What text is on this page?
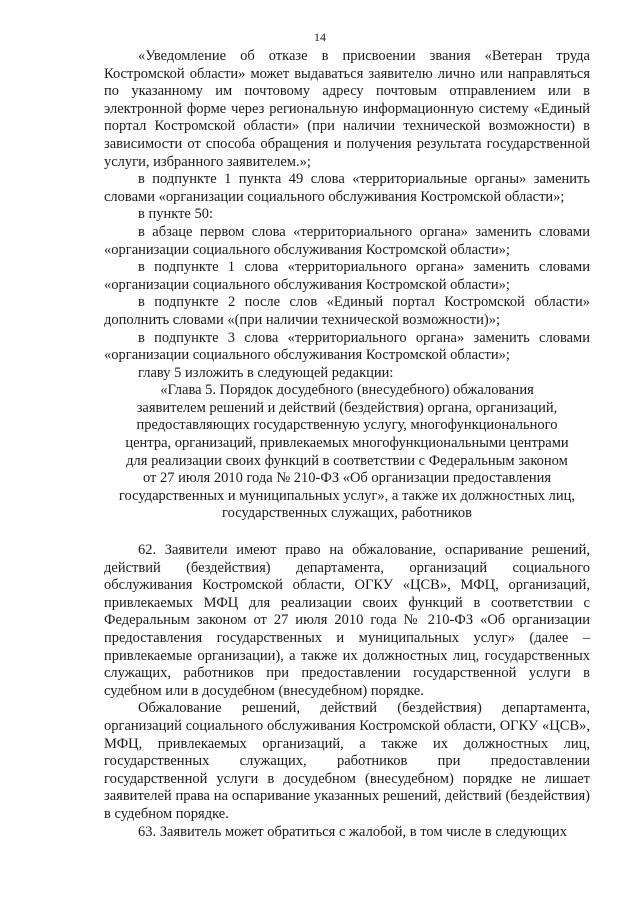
14

«Уведомление об отказе в присвоении звания «Ветеран труда Костромской области» может выдаваться заявителю лично или направляться по указанному им почтовому адресу почтовым отправлением или в электронной форме через региональную информационную систему «Единый портал Костромской области» (при наличии технической возможности) в зависимости от способа обращения и получения результата государственной услуги, избранного заявителем.»;

в подпункте 1 пункта 49 слова «территориальные органы» заменить словами «организации социального обслуживания Костромской области»;

в пункте 50:

в абзаце первом слова «территориального органа» заменить словами «организации социального обслуживания Костромской области»;

в подпункте 1 слова «территориального органа» заменить словами «организации социального обслуживания Костромской области»;

в подпункте 2 после слов «Единый портал Костромской области» дополнить словами «(при наличии технической возможности)»;

в подпункте 3 слова «территориального органа» заменить словами «организации социального обслуживания Костромской области»;

главу 5 изложить в следующей редакции:

«Глава 5. Порядок досудебного (внесудебного) обжалования
заявителем решений и действий (бездействия) органа, организаций,
предоставляющих государственную услугу, многофункционального
центра, организаций, привлекаемых многофункциональными центрами
для реализации своих функций в соответствии с Федеральным законом
от 27 июля 2010 года № 210-ФЗ «Об организации предоставления
государственных и муниципальных услуг», а также их должностных лиц,
государственных служащих, работников

62. Заявители имеют право на обжалование, оспаривание решений, действий (бездействия) департамента, организаций социального обслуживания Костромской области, ОГКУ «ЦСВ», МФЦ, организаций, привлекаемых МФЦ для реализации своих функций в соответствии с Федеральным законом от 27 июля 2010 года № 210-ФЗ «Об организации предоставления государственных и муниципальных услуг» (далее – привлекаемые организации), а также их должностных лиц, государственных служащих, работников при предоставлении государственной услуги в судебном или в досудебном (внесудебном) порядке.

Обжалование решений, действий (бездействия) департамента, организаций социального обслуживания Костромской области, ОГКУ «ЦСВ», МФЦ, привлекаемых организаций, а также их должностных лиц, государственных служащих, работников при предоставлении государственной услуги в досудебном (внесудебном) порядке не лишает заявителей права на оспаривание указанных решений, действий (бездействия) в судебном порядке.

63. Заявитель может обратиться с жалобой, в том числе в следующих
